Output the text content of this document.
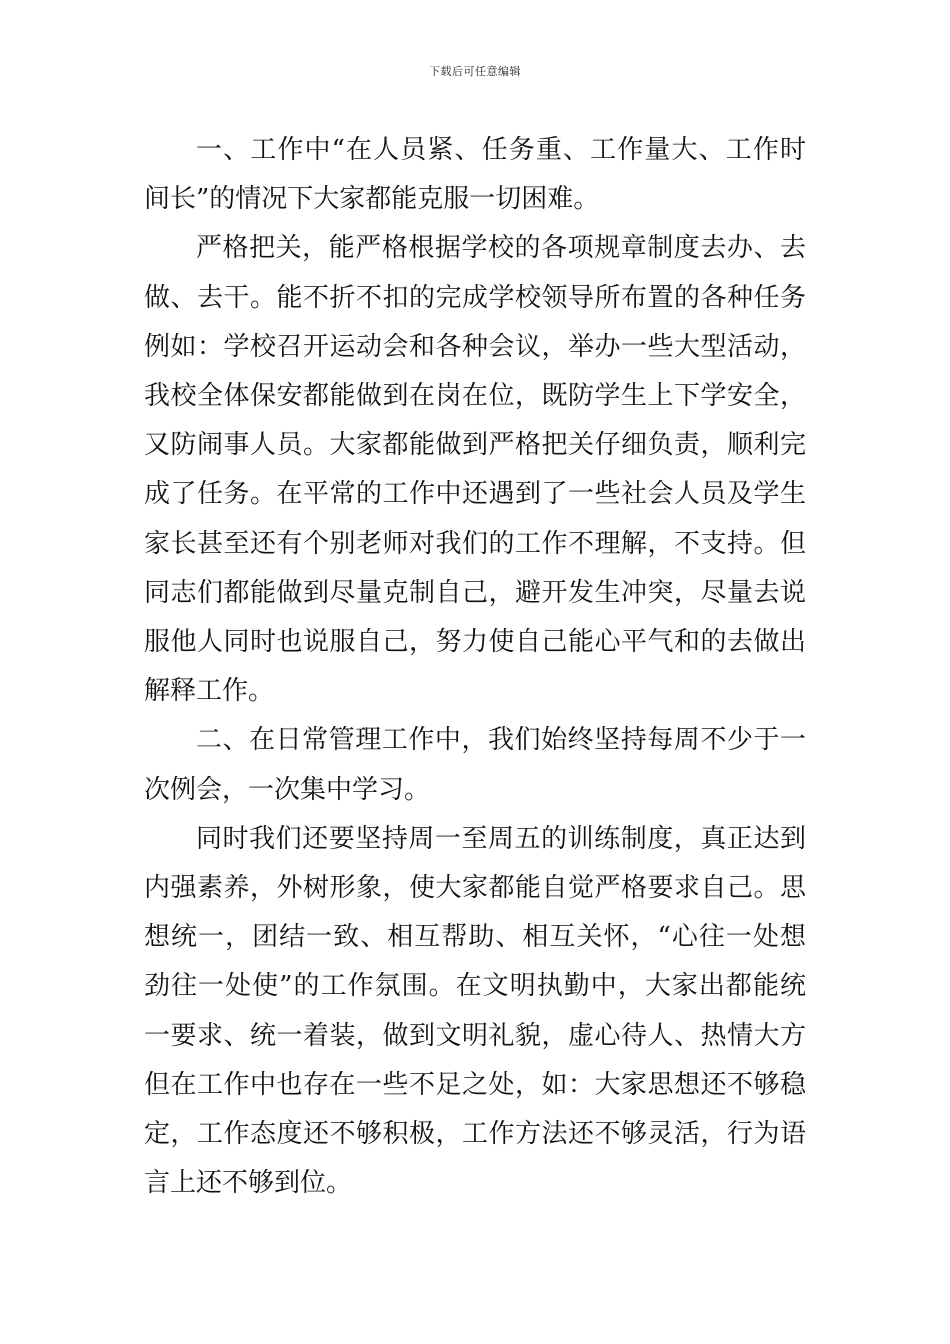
下载后可任意编辑

一、工作中“在人员紧、任务重、工作量大、工作时间长”的情况下大家都能克服一切困难。

严格把关，能严格根据学校的各项规章制度去办、去做、去干。能不折不扣的完成学校领导所布置的各种任务例如：学校召开运动会和各种会议，举办一些大型活动，我校全体保安都能做到在岗在位，既防学生上下学安全，又防闹事人员。大家都能做到严格把关仔细负责，顺利完成了任务。在平常的工作中还遇到了一些社会人员及学生家长甚至还有个别老师对我们的工作不理解，不支持。但同志们都能做到尽量克制自己，避开发生冲突，尽量去说服他人同时也说服自己，努力使自己能心平气和的去做出解释工作。

二、在日常管理工作中，我们始终坚持每周不少于一次例会，一次集中学习。

同时我们还要坚持周一至周五的训练制度，真正达到内强素养，外树形象，使大家都能自觉严格要求自己。思想统一，团结一致、相互帮助、相互关怀，“心往一处想劲往一处使”的工作氛围。在文明执勤中，大家出都能统一要求、统一着装，做到文明礼貌，虚心待人、热情大方但在工作中也存在一些不足之处，如：大家思想还不够稳定，工作态度还不够积极，工作方法还不够灵活，行为语言上还不够到位。
